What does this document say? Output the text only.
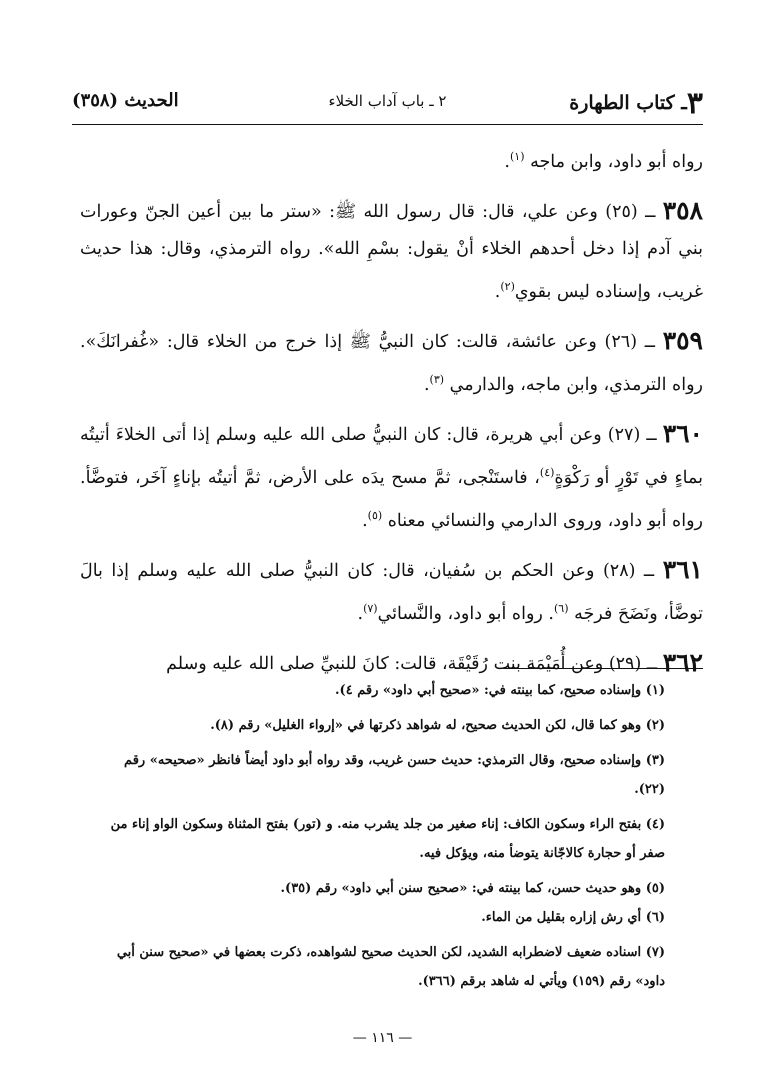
٣ـ كتاب الطهارة
٢ ـ باب آداب الخلاء
الحديث (٣٥٨)

رواه أبو داود، وابن ماجه $^{(١)}$.

٣٥٨ ــ (٢٥) وعن علي، قال: قال رسول الله ﷺ: «ستر ما بين أعين الجنّ وعورات بني آدم إذا دخل أحدهم الخلاء أنْ يقول: بسْمِ الله». رواه الترمذي، وقال: هذا حديث غريب، وإسناده ليس بقوي$^{(٢)}$.

٣٥٩ ــ (٢٦) وعن عائشة، قالت: كان النبيُّ ﷺ إذا خرج من الخلاء قال: «غُفرانَكَ». رواه الترمذي، وابن ماجه، والدارمي $^{(٣)}$.

٣٦٠ ــ (٢٧) وعن أبي هريرة، قال: كان النبيُّ صلى الله عليه وسلم إذا أتى الخلاءَ أتيتُه بماءٍ في تَوْرٍ أو رَكْوَةٍ$^{(٤)}$، فاستَنْجى، ثمَّ مسح يدَه على الأرض، ثمَّ أتيتُه بإناءٍ آخَر، فتوضَّأ. رواه أبو داود، وروى الدارمي والنسائي معناه $^{(٥)}$.

٣٦١ ــ (٢٨) وعن الحكم بن سُفيان، قال: كان النبيُّ صلى الله عليه وسلم إذا بالَ توضَّأ، ونَضَحَ فرجَه $^{(٦)}$. رواه أبو داود، والنَّسائي$^{(٧)}$.

٣٦٢ ــ (٢٩) وعن أُمَيْمَة بنت رُقَيْقَة، قالت: كانَ للنبيِّ صلى الله عليه وسلم

(١) وإسناده صحيح، كما بينته في: «صحيح أبي داود» رقم ٤).

(٢) وهو كما قال، لكن الحديث صحيح، له شواهد ذكرتها في «إرواء الغليل» رقم (٨).

(٣) وإسناده صحيح، وقال الترمذي: حديث حسن غريب، وقد رواه أبو داود أيضاً فانظر «صحيحه» رقم (٢٢).

(٤) بفتح الراء وسكون الكاف: إناء صغير من جلد يشرب منه. و (تور) بفتح المثناة وسكون الواو إناء من صفر أو حجارة كالاجّانة يتوضأ منه، ويؤكل فيه.

(٥) وهو حديث حسن، كما بينته في: «صحيح سنن أبي داود» رقم (٣٥).

(٦) أي رش إزاره بقليل من الماء.

(٧) اسناده ضعيف لاضطرابه الشديد، لكن الحديث صحيح لشواهده، ذكرت بعضها في «صحيح سنن أبي داود» رقم (١٥٩) ويأتي له شاهد برقم (٣٦٦).

— ١١٦ —
